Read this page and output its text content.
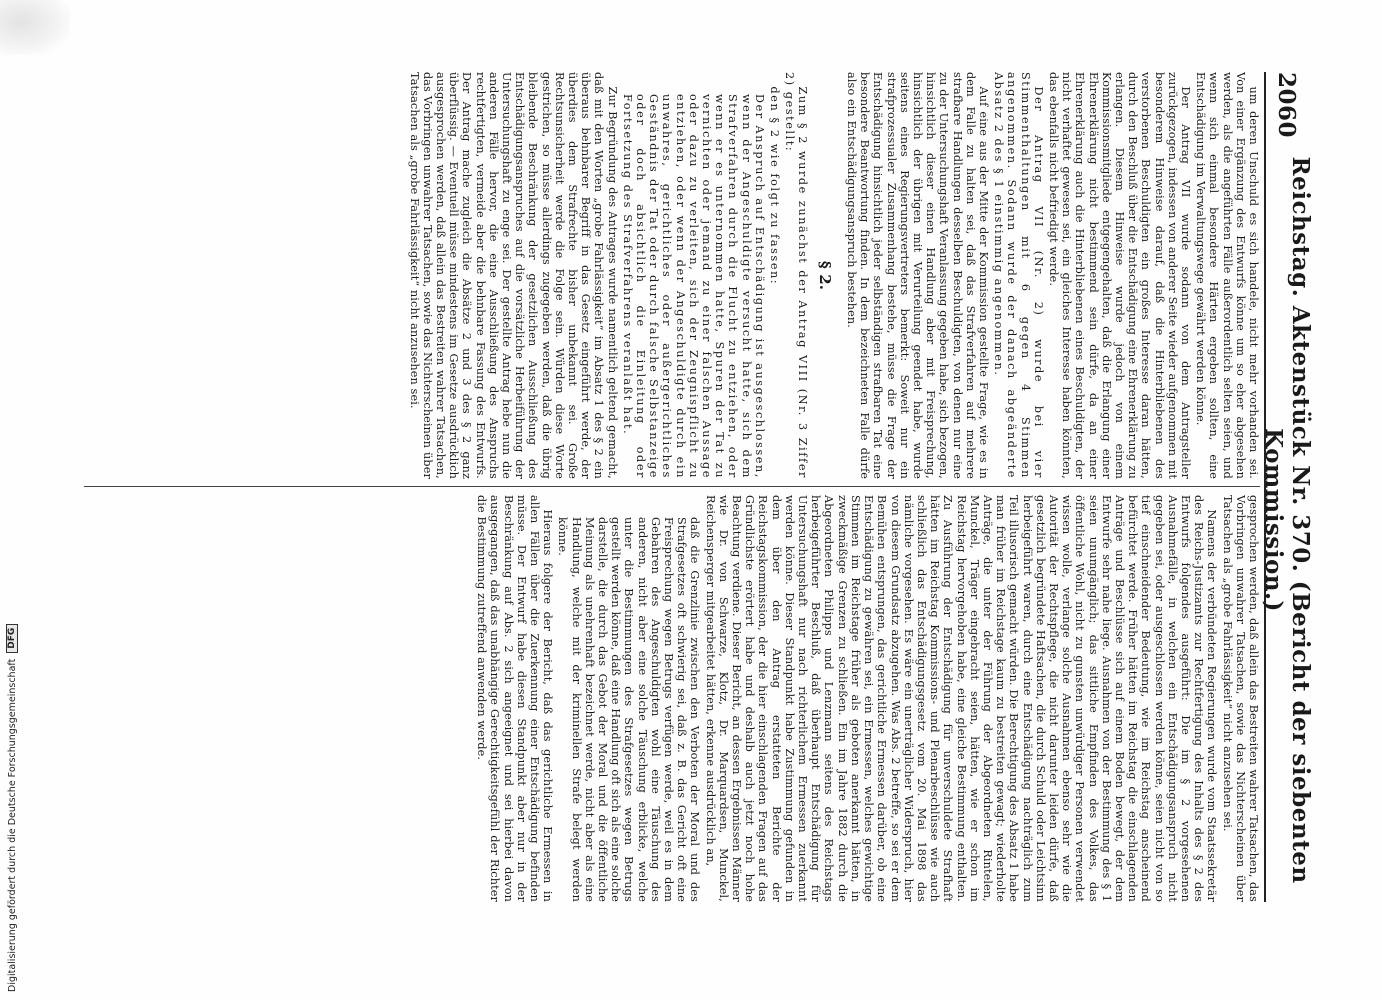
2060
Reichstag. Aktenstück Nr. 370. (Bericht der siebenten Kommission.)

um deren Unschuld es sich handele, nicht mehr vorhanden sei. Von einer Ergänzung des Entwurfs könne um so eher abgesehen werden, als die angeführten Fälle außerordentlich selten seien, und wenn sich einmal besondere Härten ergeben sollten, eine Entschädigung im Verwaltungswege gewährt werden könne.

Der Antrag VII wurde sodann von dem Antragsteller zurückgezogen, indessen von anderer Seite wieder aufgenommen mit besonderem Hinweise darauf, daß die Hinterbliebenen des verstorbenen Beschuldigten ein großes Interesse daran hätten, durch den Beschluß über die Entschädigung eine Ehrenerklärung zu erlangen. Diesem Hinweise wurde jedoch von einem Kommissionsmitgliede entgegengehalten, daß die Erlangung einer Ehrenerklärung nicht bestimmend sein dürfe, da an einer Ehrenerklärung auch die Hinterbliebenen eines Beschuldigten, der nicht verhaftet gewesen sei, ein gleiches Interesse haben könnten, das ebenfalls nicht befriedigt werde.

Der Antrag VII (Nr. 2) wurde bei vier Stimmenthaltungen mit 6 gegen 4 Stimmen angenommen. Sodann wurde der danach abgeänderte Absatz 2 des § 1 einstimmig angenommen.

Auf eine aus der Mitte der Kommission gestellte Frage, wie es in dem Falle zu halten sei, daß das Strafverfahren auf mehrere strafbare Handlungen desselben Beschuldigten, von denen nur eine zu der Untersuchungshaft Veranlassung gegeben habe, sich bezogen, hinsichtlich dieser einen Handlung aber mit Freisprechung, hinsichtlich der übrigen mit Verurteilung geendet habe, wurde seitens eines Regierungsvertreters bemerkt: Soweit nur ein strafprozessualer Zusammenhang bestehe, müsse die Frage der Entschädigung hinsichtlich jeder selbständigen strafbaren Tat eine besondere Beantwortung finden. In dem bezeichneten Falle dürfe also ein Entschädigungsanspruch bestehen.

§ 2.

Zum § 2 wurde zunächst der Antrag VIII (Nr. 3 Ziffer 2) gestellt:

den § 2 wie folgt zu fassen:

Der Anspruch auf Entschädigung ist ausgeschlossen, wenn der Angeschuldigte versucht hatte, sich dem Strafverfahren durch die Flucht zu entziehen, oder wenn er es unternommen hatte, Spuren der Tat zu vernichten oder jemand zu einer falschen Aussage oder dazu zu verleiten, sich der Zeugnispflicht zu entziehen, oder wenn der Angeschuldigte durch ein unwahres, gerichtliches oder außergerichtliches Geständnis der Tat oder durch falsche Selbstanzeige oder doch absichtlich die Einleitung oder Fortsetzung des Strafverfahrens veranlaßt hat.

Zur Begründung des Antrages wurde namentlich geltend gemacht, daß mit den Worten „grobe Fahrlässigkeit“ im Absatz 1 des § 2 ein überaus behnbarer Begriff in das Gesetz eingeführt werde, der überdies dem Strafrechte bisher unbekannt sei. Große Rechtsunsicherheit werde die Folge sein. Würden diese Worte gestrichen, so müsse allerdings zugegeben werden, daß die übrig bleibende Beschränkung der gesetzlichen Ausschließung des Entschädigungsanspruches auf die vorsätzliche Herbeiführung der Untersuchungshaft zu enge sei. Der gestellte Antrag hebe nun die anderen Fälle hervor, die eine Ausschließung des Anspruchs rechtfertigten, vermeide aber die behnbare Fassung des Entwurfs. Der Antrag mache zugleich die Absätze 2 und 3 des § 2 ganz überflüssig. — Eventuell müsse mindestens im Gesetze ausdrücklich ausgesprochen werden, daß allein das Bestreiten wahrer Tatsachen, das Vorbringen unwahrer Tatsachen, sowie das Nichterscheinen über Tatsachen als „grobe Fahrlässigkeit“ nicht anzusehen sei.

gesprochen werden, daß allein das Bestreiten wahrer Tatsachen, das Vorbringen unwahrer Tatsachen, sowie das Nichterscheinen über Tatsachen als „grobe Fahrlässigkeit“ nicht anzusehen sei.

Namens der verbündeten Regierungen wurde vom Staatssekretär des Reichs-Justizamts zur Rechtfertigung des Inhalts des § 2 des Entwurfs folgendes ausgeführt: Die im § 2 vorgesehenen Ausnahmefälle, in welchen ein Entschädigungsanspruch nicht gegeben sei, oder ausgeschlossen werden könne, seien nicht von so tief einschneidender Bedeutung, wie im Reichstag anscheinend befürchtet werde. Früher hätten im Reichstag die einschlagenden Anträge und Beschlüsse sich auf einem Boden bewegt, der dem Entwurfe sehr nahe liege. Ausnahmen von der Bestimmung des § 1 seien unumgänglich; das sittliche Empfinden des Volkes, das öffentliche Wohl, nicht zu gunsten unwürdiger Personen verwendet wissen wolle, verlange solche Ausnahmen ebenso sehr wie die Autorität der Rechtspflege, die nicht darunter leiden dürfe, daß gesetzlich begründete Haftsachen, die durch Schuld oder Leichtsinn herbeigeführt waren, durch eine Entschädigung nachträglich zum Teil illusorisch gemacht würden. Die Berechtigung des Absatz 1 habe man früher im Reichstage kaum zu bestreiten gewagt; wiederholte Anträge, die unter der Führung der Abgeordneten Rintelen, Munckel, Träger eingebracht seien, hätten, wie er schon im Reichstag hervorgehoben habe, eine gleiche Bestimmung enthalten. Zu Ausführung der Entschädigung für unverschuldete Strafhaft hätten im Reichstag Kommissions- und Plenarbeschlüsse wie auch schließlich das Entschädigungsgesetz vom 20. Mai 1898 das nämliche vorgesehen. Es wäre ein unerträglicher Widerspruch, hier von diesem Grundsatz abzugehen. Was Abs. 2 betreffe, so sei er dem Bemühen entsprungen, das gerichtliche Ermessen darüber, ob eine Entschädigung zu gewähren sei, ein Ermessen, welches gewichtige Stimmen im Reichstage früher als geboten anerkannt hätten, in zweckmäßige Grenzen zu schließen. Ein im Jahre 1882 durch die Abgeordneten Philipps und Lenzmann seitens des Reichstags herbeigeführter Beschluß, daß überhaupt Entschädigung für Untersuchungshaft nur nach richterlichem Ermessen zuerkannt werden könne. Dieser Standpunkt habe Zustimmung gefunden in dem über den Antrag erstatteten Berichte der Reichstagskommission, der die hier einschlagenden Fragen auf das Gründlichste erörtert habe und deshalb auch jetzt noch hohe Beachtung verdiene. Dieser Bericht, an dessen Ergebnissen Männer wie Dr. von Schwarze, Klotz, Dr. Marquardsen, Munckel, Reichensperger mitgearbeitet hätten, erkenne ausdrücklich an,

daß die Grenzlinie zwischen den Verboten der Moral und des Strafgesetzes oft schwierig sei, daß z. B. das Gericht oft eine Freisprechung wegen Betrugs verfügen werde, weil es in dem Gebahren des Angeschuldigten wohl eine Täuschung des anderen, nicht aber eine solche Täuschung erblicke, welche unter die Bestimmungen des Strafgesetzes wegen Betrugs gestellt werden könne, daß eine Handlung oft sich als eine solche darstelle, die durch das Gebot der Moral und die öffentliche Meinung als unehrenhaft bezeichnet werde, nicht aber als eine Handlung, welche mit der kriminellen Strafe belegt werden könne.

Hieraus folgere der Bericht, daß das gerichtliche Ermessen in allen Fällen über die Zuerkennung einer Entschädigung befinden müsse. Der Entwurf habe diesen Standpunkt aber nur in der Beschränkung auf Abs. 2 sich angeeignet und sei hierbei davon ausgegangen, daß das unabhängige Gerechtigkeitsgefühl der Richter die Bestimmung zutreffend anwenden werde.

Digitalisierung gefördert durch die Deutsche Forschungsgemeinschaft
DFG
